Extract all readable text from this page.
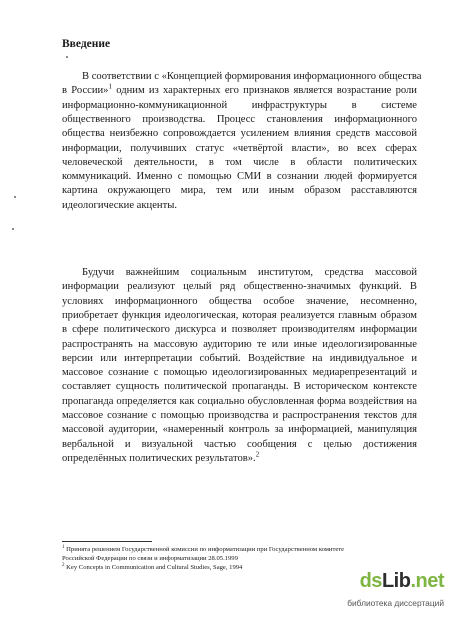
Введение
В соответствии с «Концепцией формирования информационного общества
в России»$^1$ одним из характерных его признаков является возрастание роли
информационно-коммуникационной инфраструктуры в системе
общественного производства. Процесс становления информационного
общества неизбежно сопровождается усилением влияния средств массовой
информации, получивших статус «четвёртой власти», во всех сферах
человеческой деятельности, в том числе в области политических
коммуникаций. Именно с помощью СМИ в сознании людей формируется
картина окружающего мира, тем или иным образом расставляются
идеологические акценты.
Будучи важнейшим социальным институтом, средства массовой
информации реализуют целый ряд общественно-значимых функций. В
условиях информационного общества особое значение, несомненно,
приобретает функция идеологическая, которая реализуется главным образом
в сфере политического дискурса и позволяет производителям информации
распространять на массовую аудиторию те или иные идеологизированные
версии или интерпретации событий. Воздействие на индивидуальное и
массовое сознание с помощью идеологизированных медиарепрезентаций и
составляет сущность политической пропаганды. В историческом контексте
пропаганда определяется как социально обусловленная форма воздействия на
массовое сознание с помощью производства и распространения текстов для
массовой аудитории, «намеренный контроль за информацией, манипуляция
вербальной и визуальной частью сообщения с целью достижения
определённых политических результатов».$^2$
$^1$ Принята решением Государственной комиссии по информатизации при Государственном комитете
Российской Федерации по связи и информатизации 28.05.1999
$^2$ Key Concepts in Communication and Cultural Studies, Sage, 1994
dsLib.net
библиотека диссертаций
